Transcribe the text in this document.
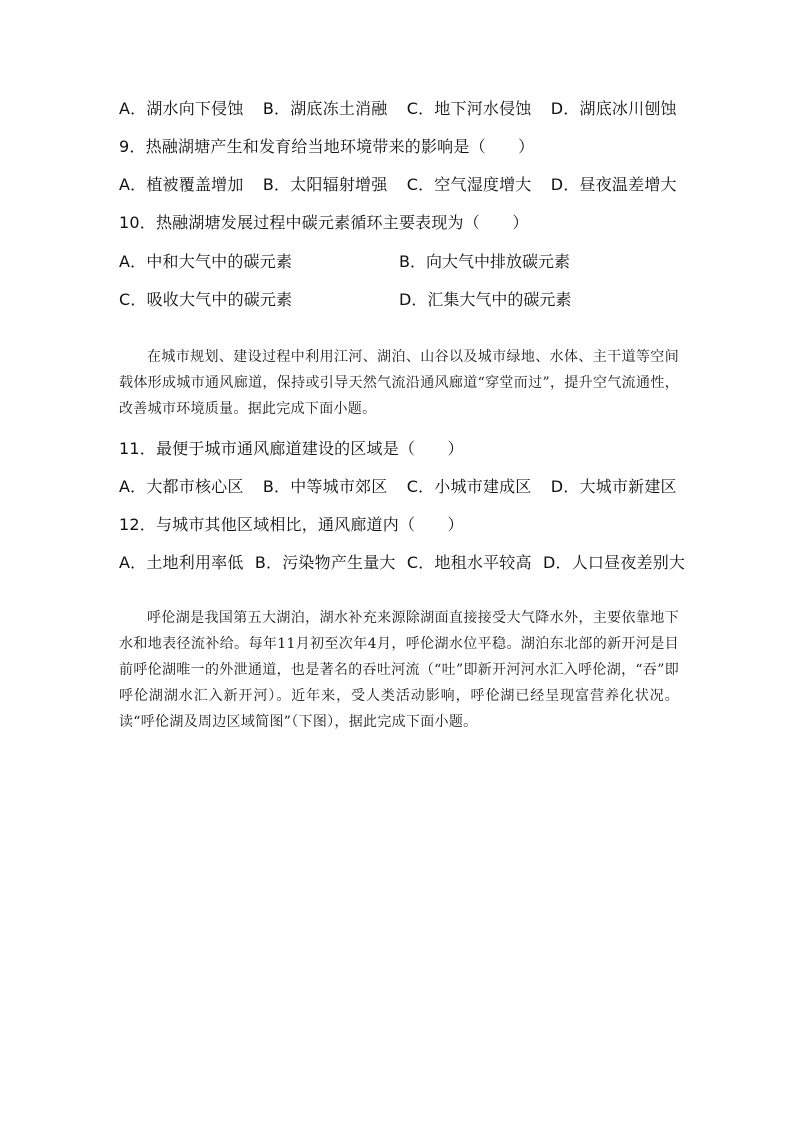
A．湖水向下侵蚀 B．湖底冻土消融 C．地下河水侵蚀 D．湖底冰川刨蚀
9．热融湖塘产生和发育给当地环境带来的影响是（　　）
A．植被覆盖增加 B．太阳辐射增强 C．空气湿度增大 D．昼夜温差增大
10．热融湖塘发展过程中碳元素循环主要表现为（　　）
A．中和大气中的碳元素	B．向大气中排放碳元素
C．吸收大气中的碳元素	D．汇集大气中的碳元素
在城市规划、建设过程中利用江河、湖泊、山谷以及城市绿地、水体、主干道等空间载体形成城市通风廊道，保持或引导天然气流沿通风廊道“穿堂而过”，提升空气流通性，改善城市环境质量。据此完成下面小题。
11．最便于城市通风廊道建设的区域是（　　）
A．大都市核心区 B．中等城市郊区 C．小城市建成区 D．大城市新建区
12．与城市其他区域相比，通风廊道内（　　）
A．土地利用率低 B．污染物产生量大 C．地租水平较高 D．人口昼夜差别大
呼伦湖是我国第五大湖泊，湖水补充来源除湖面直接接受大气降水外，主要依靠地下水和地表径流补给。每年11月初至次年4月，呼伦湖水位平稳。湖泊东北部的新开河是目前呼伦湖唯一的外泄通道，也是著名的吞吐河流（“吐”即新开河河水汇入呼伦湖，“吞”即呼伦湖湖水汇入新开河）。近年来，受人类活动影响，呼伦湖已经呈现富营养化状况。读“呼伦湖及周边区域简图”（下图），据此完成下面小题。
